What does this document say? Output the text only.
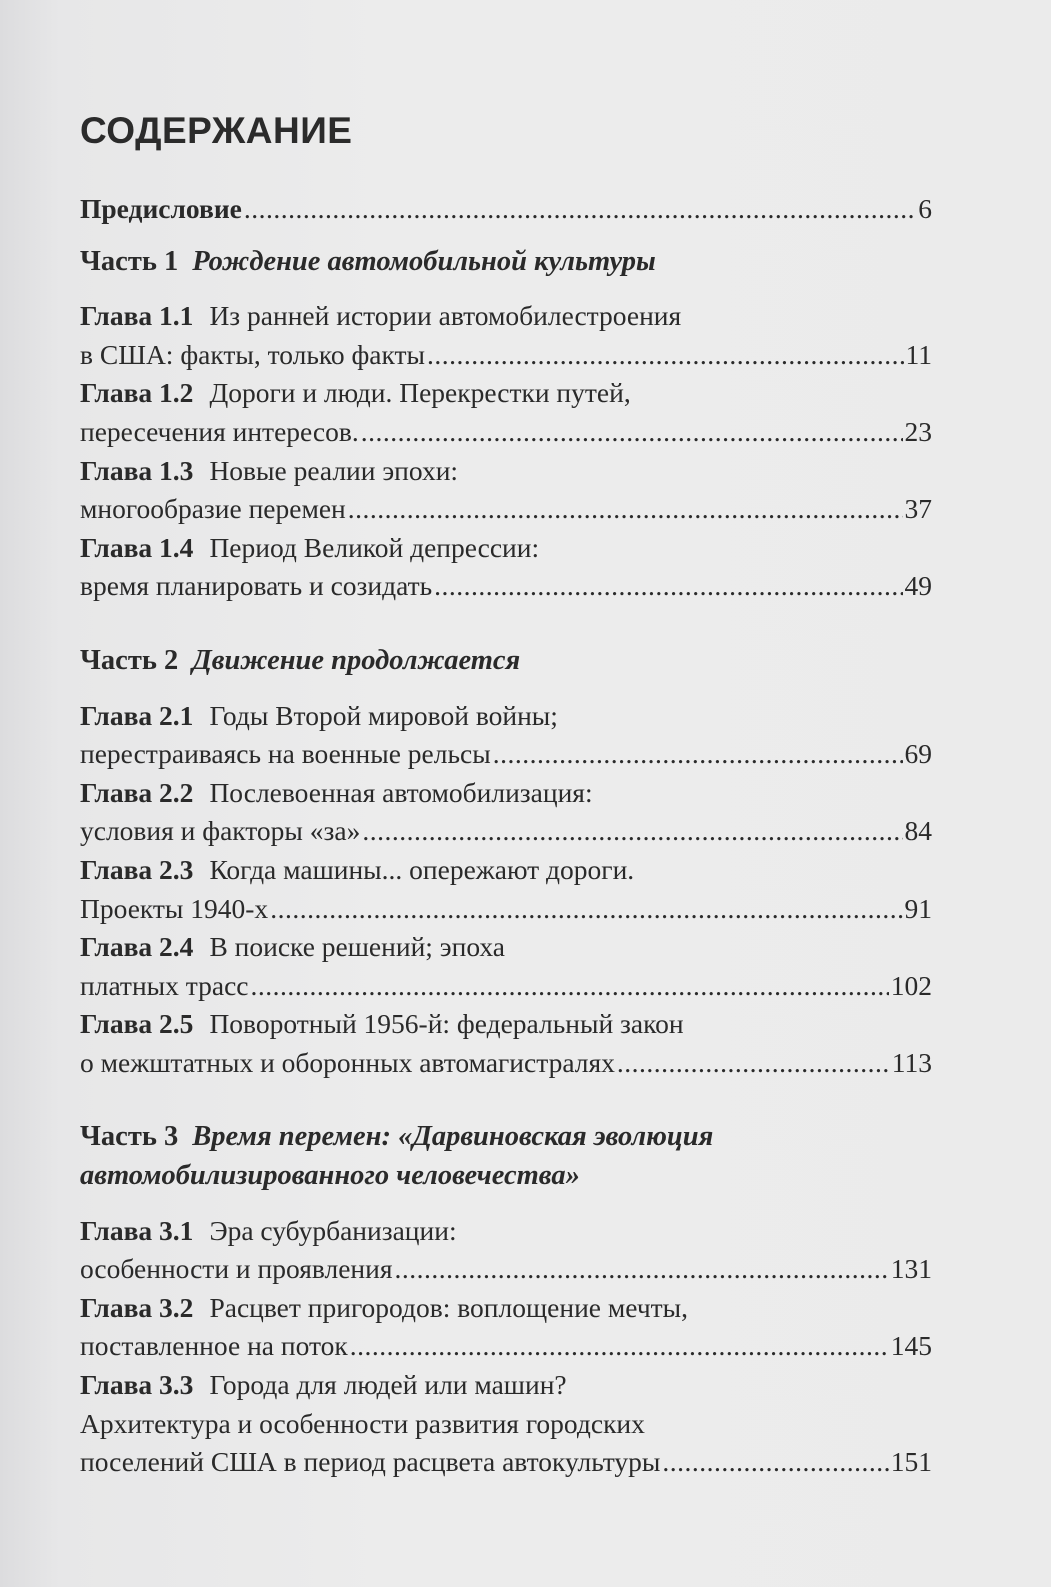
СОДЕРЖАНИЕ
Предисловие .....	6
Часть 1 Рождение автомобильной культуры
Глава 1.1 Из ранней истории автомобилестроения
в США: факты, только факты .....	11
Глава 1.2 Дороги и люди. Перекрестки путей,
пересечения интересов. .....	23
Глава 1.3 Новые реалии эпохи:
многообразие перемен .....	37
Глава 1.4 Период Великой депрессии:
время планировать и созидать .....	49
Часть 2 Движение продолжается
Глава 2.1 Годы Второй мировой войны;
перестраиваясь на военные рельсы .....	69
Глава 2.2 Послевоенная автомобилизация:
условия и факторы «за» .....	84
Глава 2.3 Когда машины... опережают дороги.
Проекты 1940-х .....	91
Глава 2.4 В поиске решений; эпоха
платных трасс .....	102
Глава 2.5 Поворотный 1956-й: федеральный закон
о межштатных и оборонных автомагистралях .....	113
Часть 3 Время перемен: «Дарвиновская эволюция
автомобилизированного человечества»
Глава 3.1 Эра субурбанизации:
особенности и проявления .....	131
Глава 3.2 Расцвет пригородов: воплощение мечты,
поставленное на поток .....	145
Глава 3.3 Города для людей или машин?
Архитектура и особенности развития городских
поселений США в период расцвета автокультуры .....	151
